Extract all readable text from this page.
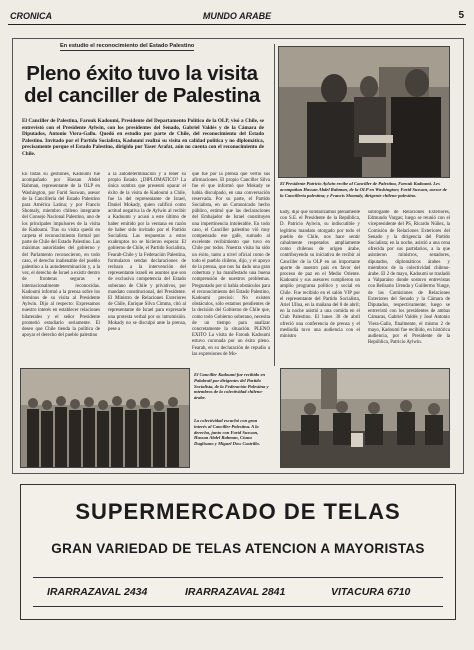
CRONICA	MUNDO ARABE	5
En estudio el reconocimiento del Estado Palestino
Pleno éxito tuvo la visita del canciller de Palestina
El Canciller de Palestina, Farouk Kadoumi, Presidente del Departamento Político de la OLP, visó a Chile, se entrevistó con el Presidente Aylwin, con los presidentes del Senado, Gabriel Valdés y de la Cámara de Diputados, Antonio Viera-Gallo. Quedó en estudio por parte de Chile, del reconocimiento del Estado Palestino. Invitado por el Partido Socialista, Kadoumi realizó su visita en calidad política y no diplomática, precisamente porque el Estado Palestino, dirigido por Yaser Arafat, aún no cuenta con el reconocimiento de Chile.
El Presidente Patricio Aylwin recibe al Canciller de Palestina, Farouk Kadoumi. Les acompañan Hassan Abdel Rahman, de la OLP en Washington; Farid Suswan, asesor de la Cancillería palestina; y Francis Shomaly, dirigente chileno-palestino.
En todas su gestiones, Kadoumi fue acompañado por Hassan Abdel Rahman, representante de la OLP en Washington, por Farid Suswan, asesor de la Cancillería del Estado Palestino para América Latina; y por Francis Shomaly, miembro chileno integrante del Consejo Nacional Palestino, uno de los principales impulsores de la visita de Kadoumi. Tras su visita quedó en carpeta el reconocimiento formal por parte de Chile del Estado Palestino. Las máximas autoridades del gobierno y del Parlamento reconocieron, en todo caso, el derecho inalienable del pueblo palestino a la autodeterminación y, a la vez, el derecho de Israel a existir dentro de fronteras seguras e internacionalmente reconocidas. Kadoumi informó a la prensa sobre los términos de su visita al Presidente Aylwin. Dijo al respecto: Expresamos nuestro interés en establecer relaciones bilaterales y el señor Presidente prometió estudiarlo seriamente. El deseo que Chile tienda la política de apoyar el derecho del pueblo palestino
a la autodeterminación y a tener su propio Estado. ¿DIPLOMATICO? La única sombra que presentó opacar el éxito de la visita de Kadoumi a Chile, fue la del representante de Israel, Daniel Mokady, quien calificó como actitud negativa la de Aylwin al recibir a Kadoumi y acusó a este último de haber emitido por la ventana en razón de haber sido invitado por el Partido Socialista. Las respuestas a estos exabruptos no se hicieron esperar. El gobierno de Chile, el Partido Socialista, Fearab-Chile y la Federación Palestina, formularon sendas declaraciones de rechazo a la intervención del representante israelí en asuntos que son de exclusiva competencia del Estado soberano de Chile y privativos, por mandato constitucional, del Presidente. El Ministro de Relaciones Exteriores de Chile, Enrique Silva Cimma, citó al representante de Israel para expresarle una protesta verbal por su intromisión. Mokady no se disculpó ante la prensa, pese a
que fue por la prensa que vertió sus afirmaciones. El propio Canciller Silva fue el que informó que Mokady se había disculpado, en una conversación reservada. Por su parte, el Partido Socialista, en un Comunicado hecho público, estimó que las declaraciones del Embajador de Israel constituyen una impertinencia intolerable. En todo caso, el Canciller palestino vió muy compensado ese gafe, sumado al excelente recibimiento que tuvo en Chile por todos. Nuestra visita ha sido un éxito, tanto a nivel oficial como de todo el pueblo chileno, dijo, y el apoyo de la prensa, que nos ha dado una gran cobertura y ha manifestado una buena comprensión de nuestros problemas. Preguntado por si había obstáculos para el reconocimiento del Estado Palestino, Kadoumi precisó: No existen obstáculos, sólo estamos pendientes de la decisión del Gobierno de Chile que, como todo Gobierno soberano, necesita de un tiempo para analizar concretamente la situación. PLENO EXITO La visita de Farouk Kadoumi estuvo coronada por un éxito pleno. Fearab, en su declaración de repudio a las expresiones de Mo-
kady, dijo que solidarizamos plenamente con S.E. el Presidente de la República, D. Patricio Aylwin, su indiscutible y legítimo mandato otorgado por todo el pueblo de Chile, nos hace sentir cabalmente respetados ampliamente como chilenos de origen árabe, contribuyendo su iniciativa de recibir al Canciller de la OLP en un importante aporte de nuestro país en favor del proceso de paz en el Medio Oriente. Kadoumi y sus asesores cumplieron un amplio programa político y social en Chile. Fue recibido en el salón VIP por el representante del Partido Socialista, Ariel Ulloa, en la mañana del 8 de abril; en la noche asistió a una comida en el Club Palestino. El lunes 30 de abril ofreció una conferencia de prensa y el mediodía tuvo una audiencia con el ministro
subrogante de Relaciones Exteriores, Edmundo Vargas; luego se reunió con el vicepresidente del PS, Ricardo Núñez, la Comisión de Relaciones Exteriores del Senado y la dirigencia del Partido Socialista; en la noche, asistió a una cena ofrecida por sus partidarios, a la que asistieron ministros, senadores, diputados, diplomáticos árabes y miembros de la colectividad chileno-árabe. El 2 de mayo, Kadoumi se trasladó a Valparaíso donde sostuvo entrevistas con Belisario Urenda y Guillermo Yunge, de las Comisiones de Relaciones Exteriores del Senado y la Cámara de Diputados, respectivamente; luego se entrevistó con los presidentes de ambas Cámaras, Gabriel Valdés y José Antonio Viera-Gallo, finalmente, el mismo 2 de mayo, Kadoumi fue recibido, en histórica audiencia, por el Presidente de la República, Patricio Aylwin.
El Canciller Kadoumi fue recibido en Palabrail por dirigentes del Partido Socialista, de la Federación Palestina y miembros de la colectividad chileno-árabe.
La colectividad escuchó con gran interés al Canciller Palestina. A la derecha, junto con Farid Suswan, Hassan Abdel Rahman, Ciuna Duglisano y Miguel Dow Castrillo.
SUPERMERCADO DE TELAS
GRAN VARIEDAD DE TELAS ATENCION A MAYORISTAS
IRARRAZAVAL 2434	IRARRAZAVAL 2841	VITACURA 6710
